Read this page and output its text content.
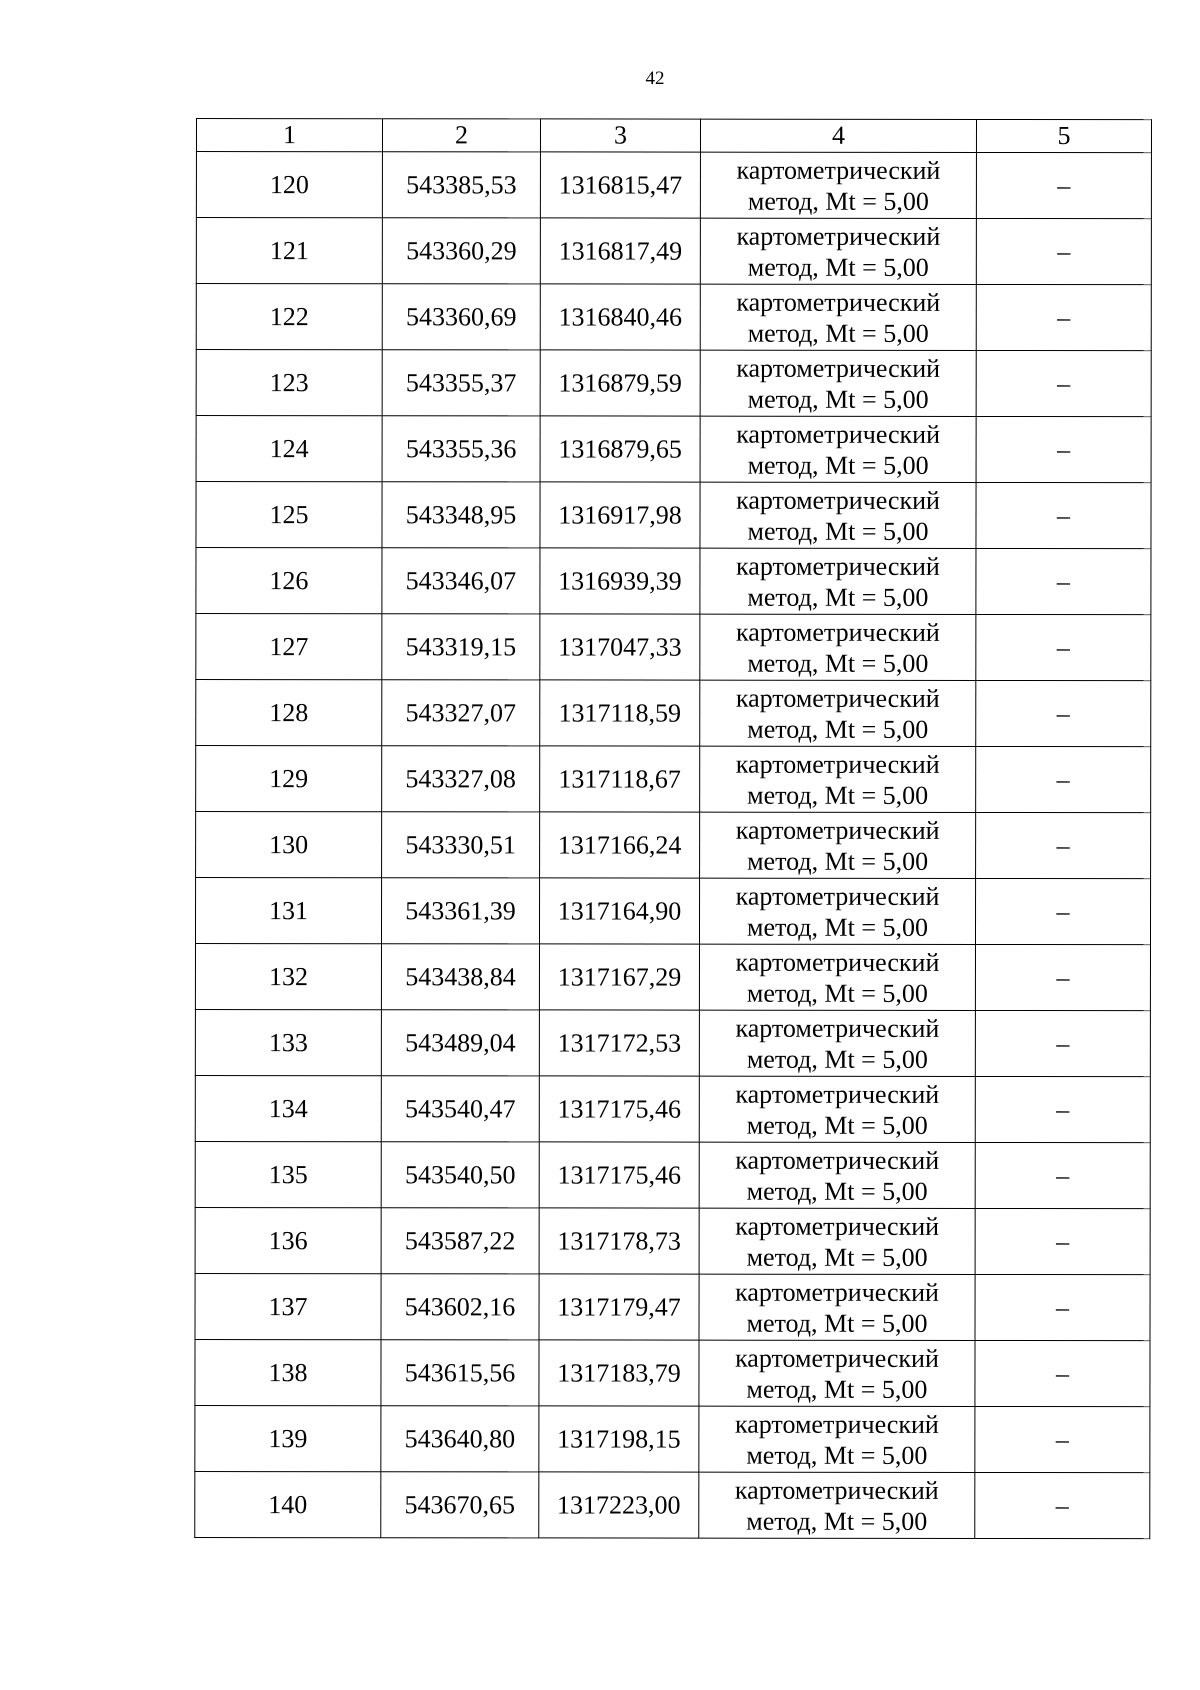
42
1	2	3	4	5
120	543385,53	1316815,47	картометрический
метод, Mt = 5,00	–
121	543360,29	1316817,49	картометрический
метод, Mt = 5,00	–
122	543360,69	1316840,46	картометрический
метод, Mt = 5,00	–
123	543355,37	1316879,59	картометрический
метод, Mt = 5,00	–
124	543355,36	1316879,65	картометрический
метод, Mt = 5,00	–
125	543348,95	1316917,98	картометрический
метод, Mt = 5,00	–
126	543346,07	1316939,39	картометрический
метод, Mt = 5,00	–
127	543319,15	1317047,33	картометрический
метод, Mt = 5,00	–
128	543327,07	1317118,59	картометрический
метод, Mt = 5,00	–
129	543327,08	1317118,67	картометрический
метод, Mt = 5,00	–
130	543330,51	1317166,24	картометрический
метод, Mt = 5,00	–
131	543361,39	1317164,90	картометрический
метод, Mt = 5,00	–
132	543438,84	1317167,29	картометрический
метод, Mt = 5,00	–
133	543489,04	1317172,53	картометрический
метод, Mt = 5,00	–
134	543540,47	1317175,46	картометрический
метод, Mt = 5,00	–
135	543540,50	1317175,46	картометрический
метод, Mt = 5,00	–
136	543587,22	1317178,73	картометрический
метод, Mt = 5,00	–
137	543602,16	1317179,47	картометрический
метод, Mt = 5,00	–
138	543615,56	1317183,79	картометрический
метод, Mt = 5,00	–
139	543640,80	1317198,15	картометрический
метод, Mt = 5,00	–
140	543670,65	1317223,00	картометрический
метод, Mt = 5,00	–
